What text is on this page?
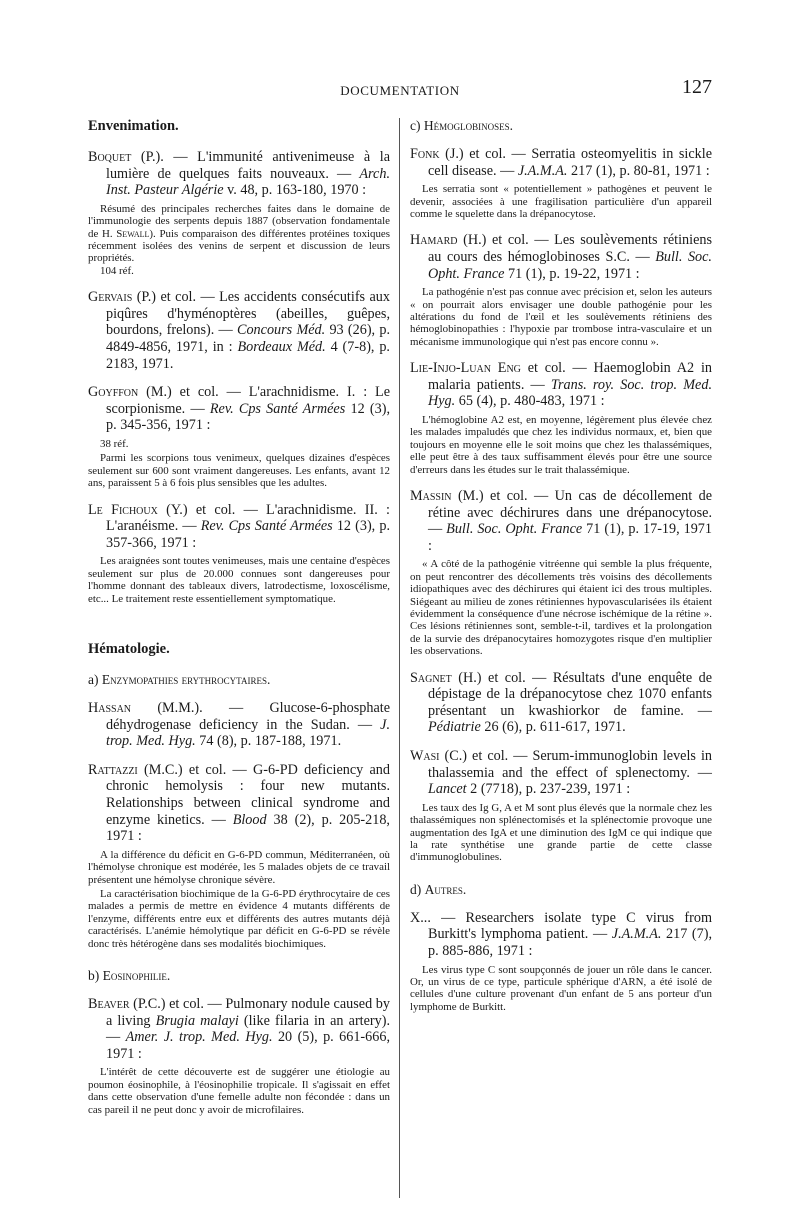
DOCUMENTATION	127
Envenimation.

Boquet (P.). — L'immunité antivenimeuse à la lumière de quelques faits nouveaux. — Arch. Inst. Pasteur Algérie v. 48, p. 163-180, 1970 :

Résumé des principales recherches faites dans le domaine de l'immunologie des serpents depuis 1887 (observation fondamentale de H. Sewall). Puis comparaison des différentes protéines toxiques récemment isolées des venins de serpent et discussion de leurs propriétés.

104 réf.

Gervais (P.) et col. — Les accidents consécutifs aux piqûres d'hyménoptères (abeilles, guêpes, bourdons, frelons). — Concours Méd. 93 (26), p. 4849-4856, 1971, in : Bordeaux Méd. 4 (7-8), p. 2183, 1971.

Goyffon (M.) et col. — L'arachnidisme. I. : Le scorpionisme. — Rev. Cps Santé Armées 12 (3), p. 345-356, 1971 :

38 réf.

Parmi les scorpions tous venimeux, quelques dizaines d'espèces seulement sur 600 sont vraiment dangereuses. Les enfants, avant 12 ans, paraissent 5 à 6 fois plus sensibles que les adultes.

Le Fichoux (Y.) et col. — L'arachnidisme. II. : L'aranéisme. — Rev. Cps Santé Armées 12 (3), p. 357-366, 1971 :

Les araignées sont toutes venimeuses, mais une centaine d'espèces seulement sur plus de 20.000 connues sont dangereuses pour l'homme donnant des tableaux divers, latrodectisme, loxoscélisme, etc... Le traitement reste essentiellement symptomatique.

Hématologie.
a) Enzymopathies erythrocytaires.

Hassan (M.M.). — Glucose-6-phosphate déhydrogenase deficiency in the Sudan. — J. trop. Med. Hyg. 74 (8), p. 187-188, 1971.

Rattazzi (M.C.) et col. — G-6-PD deficiency and chronic hemolysis : four new mutants. Relationships between clinical syndrome and enzyme kinetics. — Blood 38 (2), p. 205-218, 1971 :

A la différence du déficit en G-6-PD commun, Méditerranéen, où l'hémolyse chronique est modérée, les 5 malades objets de ce travail présentent une hémolyse chronique sévère.

La caractérisation biochimique de la G-6-PD érythrocytaire de ces malades a permis de mettre en évidence 4 mutants différents de l'enzyme, différents entre eux et différents des autres mutants déjà caractérisés. L'anémie hémolytique par déficit en G-6-PD se révèle donc très hétérogène dans ses modalités biochimiques.

b) Eosinophilie.

Beaver (P.C.) et col. — Pulmonary nodule caused by a living Brugia malayi (like filaria in an artery). — Amer. J. trop. Med. Hyg. 20 (5), p. 661-666, 1971 :

L'intérêt de cette découverte est de suggérer une étiologie au poumon éosinophile, à l'éosinophilie tropicale. Il s'agissait en effet dans cette observation d'une femelle adulte non fécondée : dans un cas pareil il ne peut donc y avoir de microfilaires.

c) Hémoglobinoses.

Fonk (J.) et col. — Serratia osteomyelitis in sickle cell disease. — J.A.M.A. 217 (1), p. 80-81, 1971 :

Les serratia sont « potentiellement » pathogènes et peuvent le devenir, associées à une fragilisation particulière d'un appareil comme le squelette dans la drépanocytose.

Hamard (H.) et col. — Les soulèvements rétiniens au cours des hémoglobinoses S.C. — Bull. Soc. Opht. France 71 (1), p. 19-22, 1971 :

La pathogénie n'est pas connue avec précision et, selon les auteurs « on pourrait alors envisager une double pathogénie pour les altérations du fond de l'œil et les soulèvements rétiniens des hémoglobinopathies : l'hypoxie par trombose intra-vasculaire et un mécanisme immunologique qui n'est pas encore connu ».

Lie-Injo-Luan Eng et col. — Haemoglobin A2 in malaria patients. — Trans. roy. Soc. trop. Med. Hyg. 65 (4), p. 480-483, 1971 :

L'hémoglobine A2 est, en moyenne, légèrement plus élevée chez les malades impaludés que chez les individus normaux, et, bien que toujours en moyenne elle le soit moins que chez les thalassémiques, elle peut être à des taux suffisamment élevés pour être une source d'erreurs dans les études sur le trait thalassémique.

Massin (M.) et col. — Un cas de décollement de rétine avec déchirures dans une drépanocytose. — Bull. Soc. Opht. France 71 (1), p. 17-19, 1971 :

« A côté de la pathogénie vitréenne qui semble la plus fréquente, on peut rencontrer des décollements très voisins des décollements idiopathiques avec des déchirures qui étaient ici des trous multiples. Siégeant au milieu de zones rétiniennes hypovascularisées ils étaient évidemment la conséquence d'une nécrose ischémique de la rétine ». Ces lésions rétiniennes sont, semble-t-il, tardives et la prolongation de la survie des drépanocytaires homozygotes risque d'en multiplier les observations.

Sagnet (H.) et col. — Résultats d'une enquête de dépistage de la drépanocytose chez 1070 enfants présentant un kwashiorkor de famine. — Pédiatrie 26 (6), p. 611-617, 1971.

Wasi (C.) et col. — Serum-immunoglobin levels in thalassemia and the effect of splenectomy. — Lancet 2 (7718), p. 237-239, 1971 :

Les taux des Ig G, A et M sont plus élevés que la normale chez les thalassémiques non splénectomisés et la splénectomie provoque une augmentation des IgA et une diminution des IgM ce qui indique que la rate synthétise une grande partie de cette classe d'immunoglobulines.

d) Autres.

X... — Researchers isolate type C virus from Burkitt's lymphoma patient. — J.A.M.A. 217 (7), p. 885-886, 1971 :

Les virus type C sont soupçonnés de jouer un rôle dans le cancer. Or, un virus de ce type, particule sphérique d'ARN, a été isolé de cellules d'une culture provenant d'un enfant de 5 ans porteur d'un lymphome de Burkitt.
